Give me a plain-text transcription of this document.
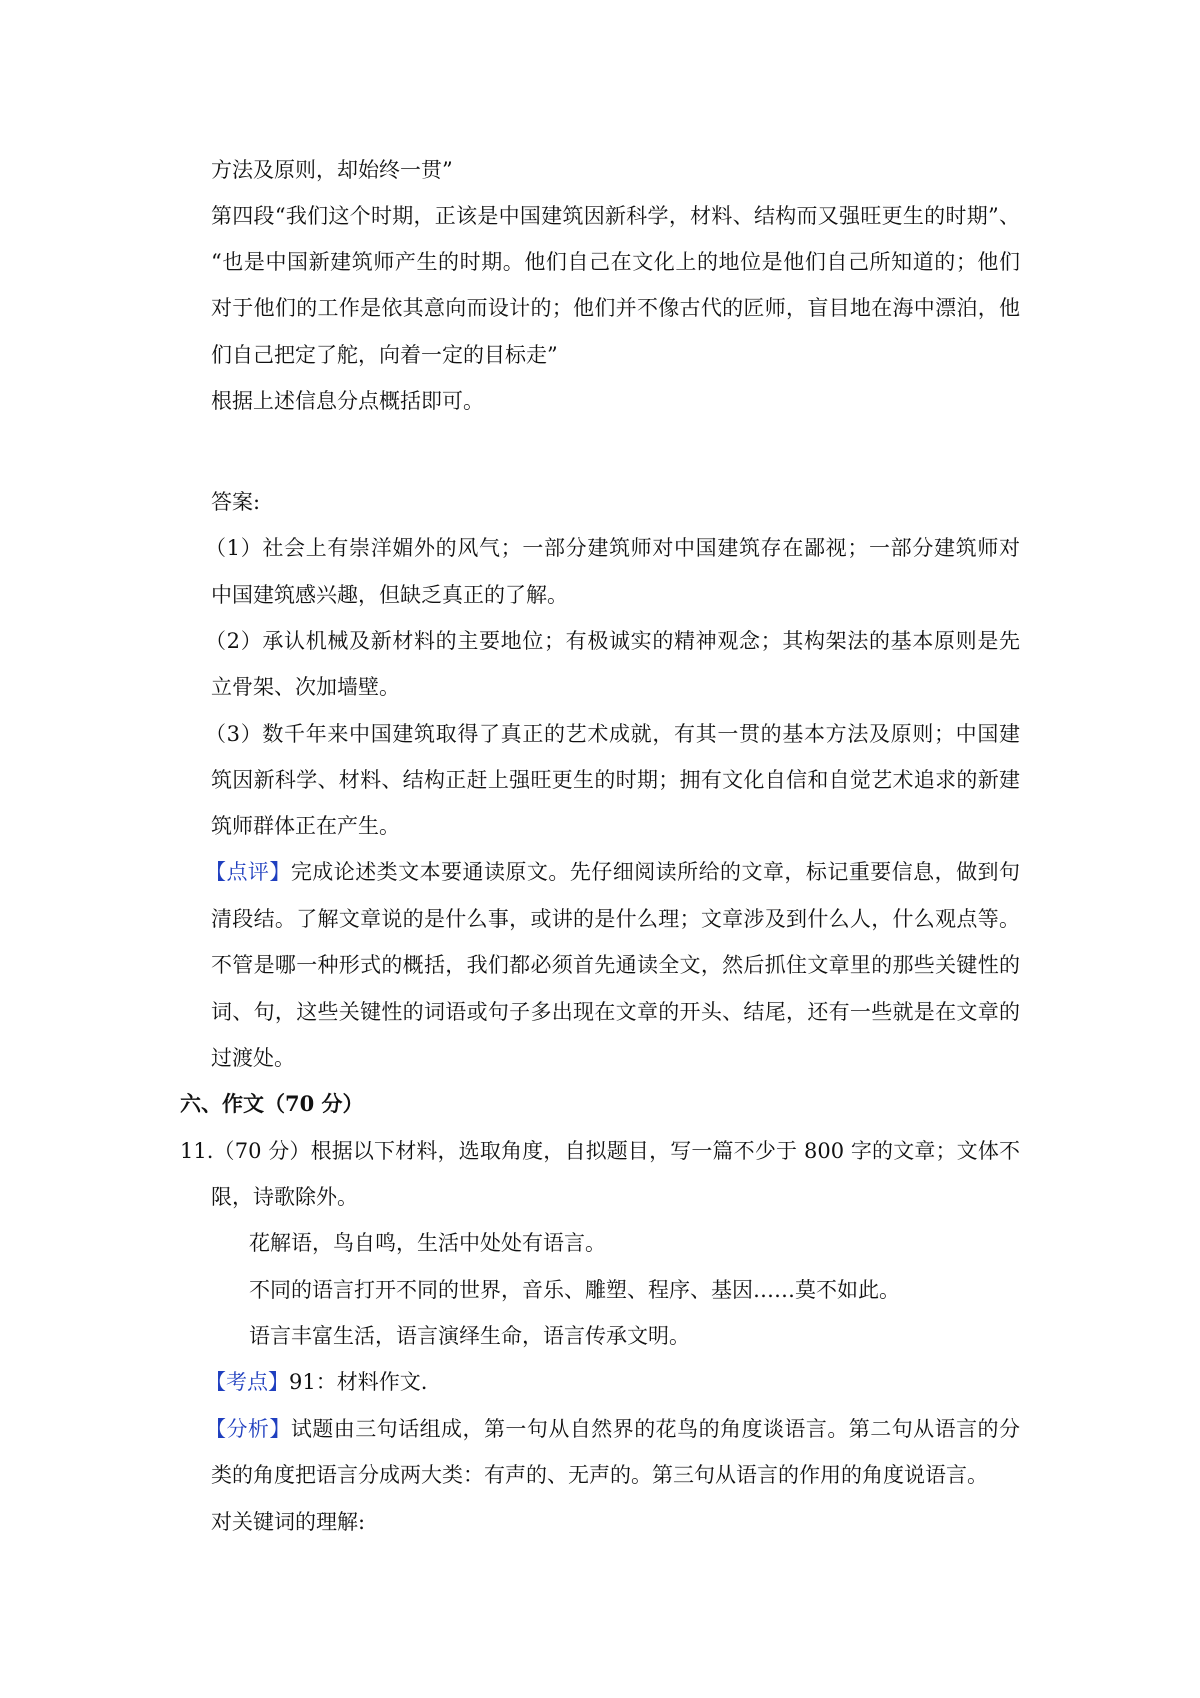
方法及原则，却始终一贯”
第四段“我们这个时期，正该是中国建筑因新科学，材料、结构而又强旺更生的时期”、
“也是中国新建筑师产生的时期。他们自己在文化上的地位是他们自己所知道的；他们
对于他们的工作是依其意向而设计的；他们并不像古代的匠师，盲目地在海中漂泊，他
们自己把定了舵，向着一定的目标走”
根据上述信息分点概括即可。
答案:
（1）社会上有崇洋媚外的风气；一部分建筑师对中国建筑存在鄙视；一部分建筑师对
中国建筑感兴趣，但缺乏真正的了解。
（2）承认机械及新材料的主要地位；有极诚实的精神观念；其构架法的基本原则是先
立骨架、次加墙壁。
（3）数千年来中国建筑取得了真正的艺术成就，有其一贯的基本方法及原则；中国建
筑因新科学、材料、结构正赶上强旺更生的时期；拥有文化自信和自觉艺术追求的新建
筑师群体正在产生。
【点评】完成论述类文本要通读原文。先仔细阅读所给的文章，标记重要信息，做到句
清段结。了解文章说的是什么事，或讲的是什么理；文章涉及到什么人，什么观点等。
不管是哪一种形式的概括，我们都必须首先通读全文，然后抓住文章里的那些关键性的
词、句，这些关键性的词语或句子多出现在文章的开头、结尾，还有一些就是在文章的
过渡处。
六、作文（70 分）
11.（70 分）根据以下材料，选取角度，自拟题目，写一篇不少于 800 字的文章；文体不
限，诗歌除外。
花解语，鸟自鸣，生活中处处有语言。
不同的语言打开不同的世界，音乐、雕塑、程序、基因……莫不如此。
语言丰富生活，语言演绎生命，语言传承文明。
【考点】91：材料作文.
【分析】试题由三句话组成，第一句从自然界的花鸟的角度谈语言。第二句从语言的分
类的角度把语言分成两大类：有声的、无声的。第三句从语言的作用的角度说语言。
对关键词的理解:
